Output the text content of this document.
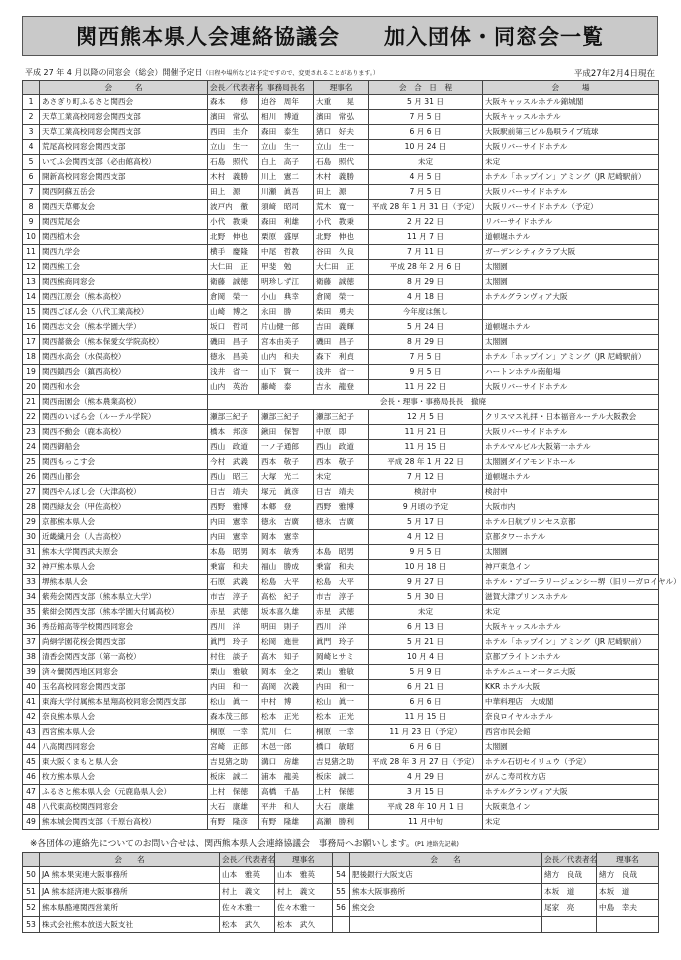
関西熊本県人会連絡協議会　　加入団体・同窓会一覧
平成 27 年 4 月以降の同窓会（総会）開催予定日（日程や場所などは予定ですので、変更されることがあります。）	平成27年2月4日現在
	会　　　名	会長／代表者名	事務局長名	理事名	会　合　日　程	会　　　場
1	あさぎり町ふるさと関西会	森本　　修	迫谷　周年	大重　　晃	5 月 31 日	大阪キャッスルホテル錦城閣
2	天草工業高校同窓会関西支部	濱田　常弘	相川　博道	濱田　常弘	7 月 5 日	大阪キャッスルホテル
3	天草工業高校同窓会関西支部	西田　圭介	森田　泰生	猪口　好夫	6 月 6 日	大阪駅前第三ビル島唄ライブ琉球
4	荒尾高校同窓会関西支部	立山　生一	立山　生一	立山　生一	10 月 24 日	大阪リバーサイドホテル
5	いてふ会関西支部（必由館高校）	石島　照代	白上　高子	石島　照代	未定	未定
6	開新高校同窓会関西支部	木村　義勝	川上　憲二	木村　義勝	4 月 5 日	ホテル「ホップイン」アミング（JR 尼崎駅前）
7	関西阿蘇五岳会	田上　源	川瀬　眞吾	田上　源	7 月 5 日	大阪リバーサイドホテル
8	関西天草郷友会	波戸内　徹	須﨑　昭司	荒木　寛一	平成 28 年 1 月 31 日（予定）	大阪リバーサイドホテル（予定）
9	関西荒尾会	小代　教秉	森田　利雄	小代　教秉	2 月 22 日	リバーサイドホテル
10	関西植木会	北野　伸也	栗原　盛厚	北野　伸也	11 月 7 日	道頓堀ホテル
11	関西九学会	横手　慶隆	中尾　哲教	谷田　久良	7 月 11 日	ガーデンシティクラブ大阪
12	関西熊工会	大仁田　正	甲斐　勉	大仁田　正	平成 28 年 2 月 6 日	太閤園
13	関西熊商同窓会	衛藤　誠徳	明珍しず江	衛藤　誠徳	8 月 29 日	太閤園
14	関西江原会（熊本高校）	倉岡　榮一	小山　典幸	倉岡　榮一	4 月 18 日	ホテルグランヴィア大阪
15	関西ごぼん会（八代工業高校）	山崎　博之	永田　勝	柴田　勇夫	今年度は無し	
16	関西志文会（熊本学園大学）	坂口　哲司	片山健一郎	吉田　義輝	5 月 24 日	道頓堀ホテル
17	関西薔薇会（熊本保愛女学院高校）	磯田　昌子	宮本由美子	磯田　昌子	8 月 29 日	太閤園
18	関西水高会（水俣高校）	徳永　昌美	山内　和夫	森下　利貞	7 月 5 日	ホテル「ホップイン」アミング（JR 尼崎駅前）
19	関西鎮西会（鎮西高校）	浅井　省一	山下　賢一	浅井　省一	9 月 5 日	ハートンホテル南船場
20	関西和水会	山内　英治	藤崎　泰	吉永　龍登	11 月 22 日	大阪リバーサイドホテル
21	関西南園会（熊本農業高校）	会長・理事・事務局長長　撤廃				
22	関西のいばら会（ルーテル学院）	瀬部三紀子	瀬部三紀子	瀬部三紀子	12 月 5 日	クリスマス礼拝・日本福音ルーテル大阪教会
23	関西不動会（鹿本高校）	橋本　邦彦	鍬田　保智	中原　即	11 月 21 日	大阪リバーサイドホテル
24	関西御船会	西山　政道	一ノ子通郎	西山　政道	11 月 15 日	ホテルマルビル大阪第一ホテル
25	関西もっこす会	今村　武義	西本　敬子	西本　敬子	平成 28 年 1 月 22 日	太閤園ダイアモンドホール
26	関西山都会	西山　昭三	大塚　光二	未定	7 月 12 日	道頓堀ホテル
27	関西やんぼし会（大津高校）	日吉　靖夫	塚元　眞彦	日吉　靖夫	検討中	検討中
28	関西緑友会（甲佐高校）	西野　雅博	本郷　登	西野　雅博	9 月頃の予定	大阪市内
29	京都熊本県人会	内田　憲幸	徳永　吉廣	徳永　吉廣	5 月 17 日	ホテル日航プリンセス京都
30	近畿繊月会（人吉高校）	内田　憲幸	岡本　憲幸		4 月 12 日	京都タワーホテル
31	熊本大学関西武夫原会	本島　昭男	岡本　敏秀	本島　昭男	9 月 5 日	太閤園
32	神戸熊本県人会	乗富　和夫	福山　勝成	乗富　和夫	10 月 18 日	神戸東急イン
33	堺熊本県人会	石原　武義	松島　大平	松島　大平	9 月 27 日	ホテル・アゴーラリージェンシー堺（旧リーガロイヤル）
34	紫苑会関西支部（熊本県立大学）	市吉　淳子	高松　紀子	市吉　淳子	5 月 30 日	滋賀大津プリンスホテル
35	紫紺会関西支部（熊本学園大付属高校）	赤星　武徳	坂本喜久雄	赤星　武徳	未定	未定
36	秀岳館高等学校関西同窓会	西川　洋	明田　則子	西川　洋	6 月 13 日	大阪キャッスルホテル
37	尚絅学園花桜会関西支部	眞門　玲子	松岡　進世	眞門　玲子	5 月 21 日	ホテル「ホップイン」アミング（JR 尼崎駅前）
38	清香会関西支部（第一高校）	村住　談子	高木　知子	岡崎ヒサミ	10 月 4 日	京都ブライトンホテル
39	済々黌関西地区同窓会	栗山　雅敏	岡本　金之	栗山　雅敏	5 月 9 日	ホテルニューオータニ大阪
40	玉名高校同窓会関西支部	内田　和一	高岡　次義	内田　和一	6 月 21 日	KKR ホテル大阪
41	東海大学付属熊本星翔高校同窓会関西支部	松山　眞一	中村　博	松山　眞一	6 月 6 日	中華料理店　大成閣
42	奈良熊本県人会	森本茂三郎	松本　正光	松本　正光	11 月 15 日	奈良ロイヤルホテル
43	西宮熊本県人会	桐原　一幸	荒川　仁	桐原　一幸	11 月 23 日（予定）	西宮市民会館
44	八高関西同窓会	宮崎　正郎	木邑一郎	橋口　敏昭	6 月 6 日	太閤園
45	東大阪くまもと県人会	吉見猪之助	溝口　房雄	吉見猪之助	平成 28 年 3 月 27 日（予定）	ホテル石切セイリュウ（予定）
46	枚方熊本県人会	板床　誠二	浦本　龍美	板床　誠二	4 月 29 日	がんこ寿司枚方店
47	ふるさと熊本県人会（元鹿島県人会）	上村　保徳	高橋　千晶	上村　保徳	3 月 15 日	ホテルグランヴィア大阪
48	八代東高校関西同窓会	大石　康雄	平井　和人	大石　康雄	平成 28 年 10 月 1 日	大阪東急イン
49	熊本城会関西支部（千原台高校）	有野　隆彦	有野　隆雄	高瀬　勝利	11 月中旬	未定
※各団体の連絡先についてのお問い合せは、関西熊本県人会連絡協議会　事務局へお願いします。(P1 連絡先記載)
	会　　名	会長／代表者名	理事名		会　　名	会長／代表者名	理事名
50	JA 熊本果実連大阪事務所	山本　雅英	山本　雅英	54	肥後銀行大阪支店	緒方　良哉	緒方　良哉
51	JA 熊本経済連大阪事務所	村上　義文	村上　義文	55	熊本大阪事務所	本坂　道	本坂　道
52	熊本県酪連関西営業所	佐々木雅一	佐々木雅一	56	熊交会	尾家　亮	中島　幸夫
53	株式会社熊本放送大阪支社	松本　武久	松本　武久				
